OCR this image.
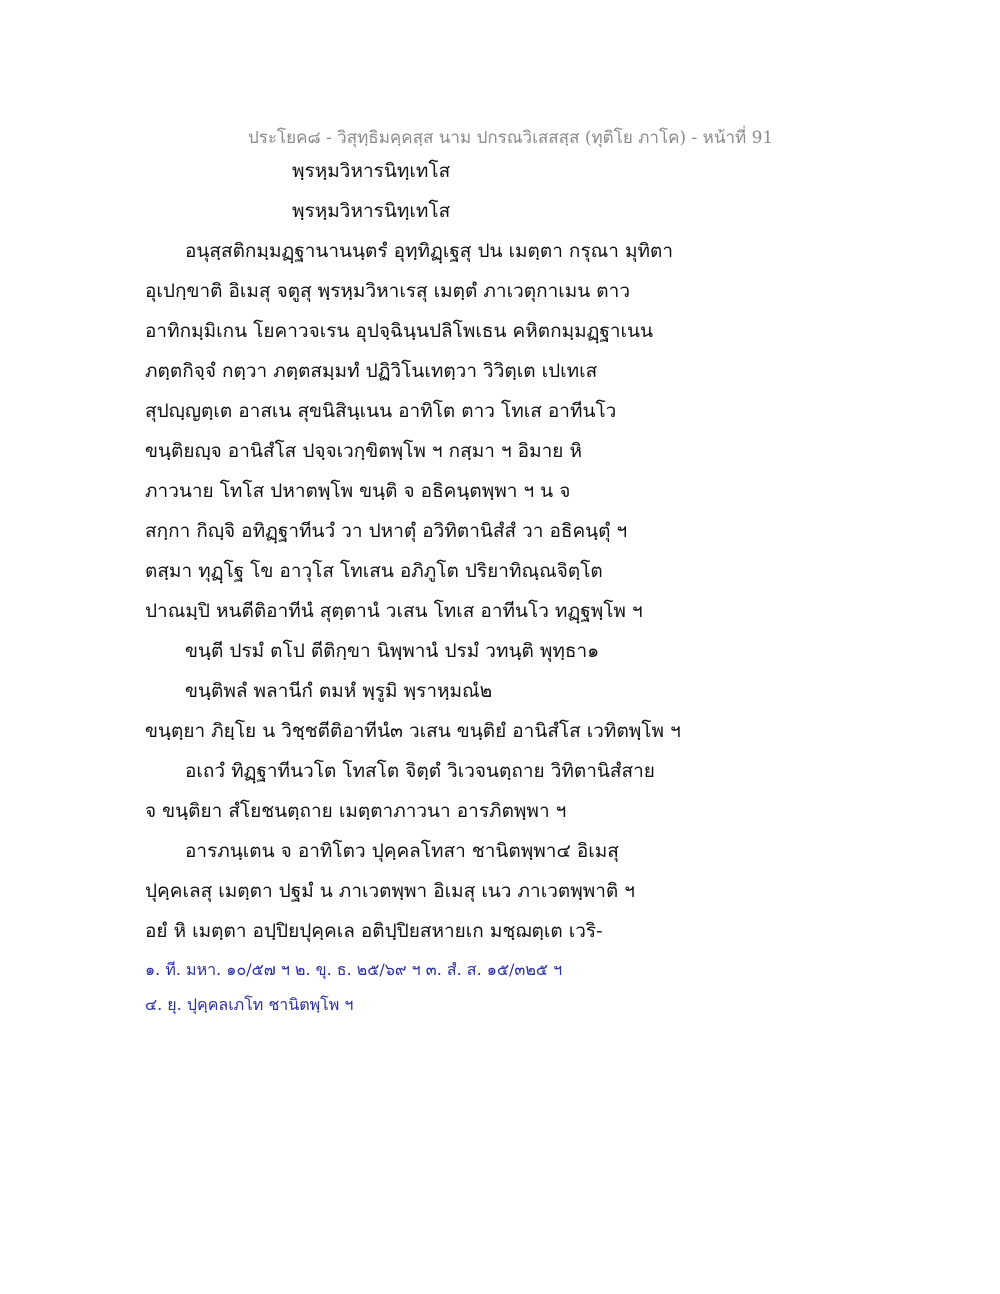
ประโยค๘ - วิสุทฺธิมคฺคสฺส นาม ปกรณวิเสสสฺส (ทุติโย ภาโค) - หน้าที่ 91
พฺรหฺมวิหารนิทฺเทโส
พฺรหฺมวิหารนิทฺเทโส
อนุสฺสติกมฺมฏฺฐานานนฺตรํ อุทฺทิฏฺเฐสุ ปน เมตฺตา กรุณา มุทิตา
อุเปกฺขาติ อิเมสุ จตูสุ พฺรหฺมวิหาเรสุ เมตฺตํ ภาเวตุกาเมน ตาว
อาทิกมฺมิเกน โยคาวจเรน อุปจฺฉินฺนปลิโพเธน คหิตกมฺมฏฺฐาเนน
ภตฺตกิจฺจํ กตฺวา ภตฺตสมฺมทํ ปฏิวิโนเทตฺวา วิวิตฺเต เปเทเส
สุปญฺญตฺเต อาสเน สุขนิสินฺเนน อาทิโต ตาว โทเส อาทีนโว
ขนฺติยญฺจ อานิสํโส ปจฺจเวกฺขิตพฺโพ ฯ กสฺมา ฯ อิมาย หิ
ภาวนาย โทโส ปหาตพฺโพ ขนฺติ จ อธิคนฺตพฺพา ฯ น จ
สกฺกา กิญฺจิ อทิฏฺฐาทีนวํ วา ปหาตุํ อวิทิตานิสํสํ วา อธิคนฺตุํ ฯ
ตสฺมา ทุฏฺโฐ โข อาวุโส โทเสน อภิภูโต ปริยาทิณฺณจิตฺโต
ปาณมฺปิ หนตีติอาทีนํ สุตฺตานํ วเสน โทเส อาทีนโว ทฏฺฐพฺโพ ฯ
ขนฺตี ปรมํ ตโป ตีติกฺขา นิพฺพานํ ปรมํ วทนฺติ พุทฺธา๑
ขนฺติพลํ พลานีกํ ตมหํ พฺรูมิ พฺราหฺมณํ๒
ขนฺตฺยา ภิยฺโย น วิชฺชตีติอาทีนํ๓ วเสน ขนฺติยํ อานิสํโส เวทิตพฺโพ ฯ
อเถวํ ทิฏฺฐาทีนวโต โทสโต จิตฺตํ วิเวจนตฺถาย วิทิตานิสํสาย
จ ขนฺติยา สํโยชนตฺถาย เมตฺตาภาวนา อารภิตพฺพา ฯ
อารภนฺเตน จ อาทิโตว ปุคฺคลโทสา ชานิตพฺพา๔ อิเมสุ
ปุคฺคเลสุ เมตฺตา ปฐมํ น ภาเวตพฺพา อิเมสุ เนว ภาเวตพฺพาติ ฯ
อยํ หิ เมตฺตา อปฺปิยปุคฺคเล อติปฺปิยสหายเก มชฺฌตฺเต เวริ-
๑. ที. มหา. ๑๐/๕๗ ฯ ๒. ขุ. ธ. ๒๕/๖๙ ฯ ๓. สํ. ส. ๑๕/๓๒๕ ฯ
๔. ยุ. ปุคฺคลเภโท ชานิตพฺโพ ฯ
